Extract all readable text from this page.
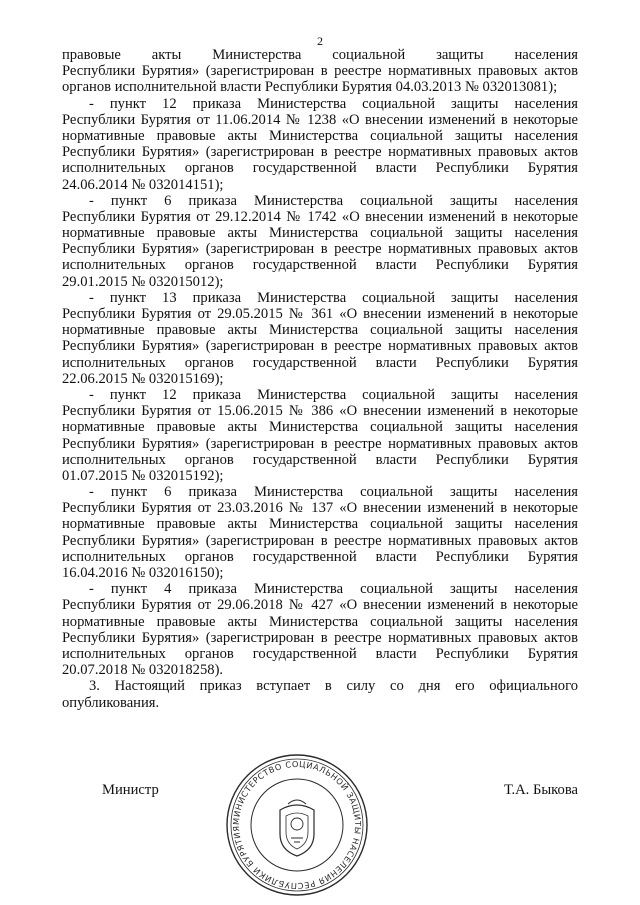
2
правовые акты Министерства социальной защиты населения
Республики Бурятия» (зарегистрирован в реестре нормативных правовых актов
органов исполнительной власти Республики Бурятия 04.03.2013 № 032013081);
- пункт 12 приказа Министерства социальной защиты населения
Республики Бурятия от 11.06.2014 № 1238 «О внесении изменений в некоторые
нормативные правовые акты Министерства социальной защиты населения
Республики Бурятия» (зарегистрирован в реестре нормативных правовых актов
исполнительных органов государственной власти Республики Бурятия
24.06.2014 № 032014151);
- пункт 6 приказа Министерства социальной защиты населения
Республики Бурятия от 29.12.2014 № 1742 «О внесении изменений в некоторые
нормативные правовые акты Министерства социальной защиты населения
Республики Бурятия» (зарегистрирован в реестре нормативных правовых актов
исполнительных органов государственной власти Республики Бурятия
29.01.2015 № 032015012);
- пункт 13 приказа Министерства социальной защиты населения
Республики Бурятия от 29.05.2015 № 361 «О внесении изменений в некоторые
нормативные правовые акты Министерства социальной защиты населения
Республики Бурятия» (зарегистрирован в реестре нормативных правовых актов
исполнительных органов государственной власти Республики Бурятия
22.06.2015 № 032015169);
- пункт 12 приказа Министерства социальной защиты населения
Республики Бурятия от 15.06.2015 № 386 «О внесении изменений в некоторые
нормативные правовые акты Министерства социальной защиты населения
Республики Бурятия» (зарегистрирован в реестре нормативных правовых актов
исполнительных органов государственной власти Республики Бурятия
01.07.2015 № 032015192);
- пункт 6 приказа Министерства социальной защиты населения
Республики Бурятия от 23.03.2016 № 137 «О внесении изменений в некоторые
нормативные правовые акты Министерства социальной защиты населения
Республики Бурятия» (зарегистрирован в реестре нормативных правовых актов
исполнительных органов государственной власти Республики Бурятия
16.04.2016 № 032016150);
- пункт 4 приказа Министерства социальной защиты населения
Республики Бурятия от 29.06.2018 № 427 «О внесении изменений в некоторые
нормативные правовые акты Министерства социальной защиты населения
Республики Бурятия» (зарегистрирован в реестре нормативных правовых актов
исполнительных органов государственной власти Республики Бурятия
20.07.2018 № 032018258).
3. Настоящий приказ вступает в силу со дня его официального
опубликования.
МИНИСТЕРСТВО СОЦИАЛЬНОЙ ЗАЩИТЫ НАСЕЛЕНИЯ РЕСПУБЛИКИ БУРЯТИЯ
Министр	Т.А. Быкова
